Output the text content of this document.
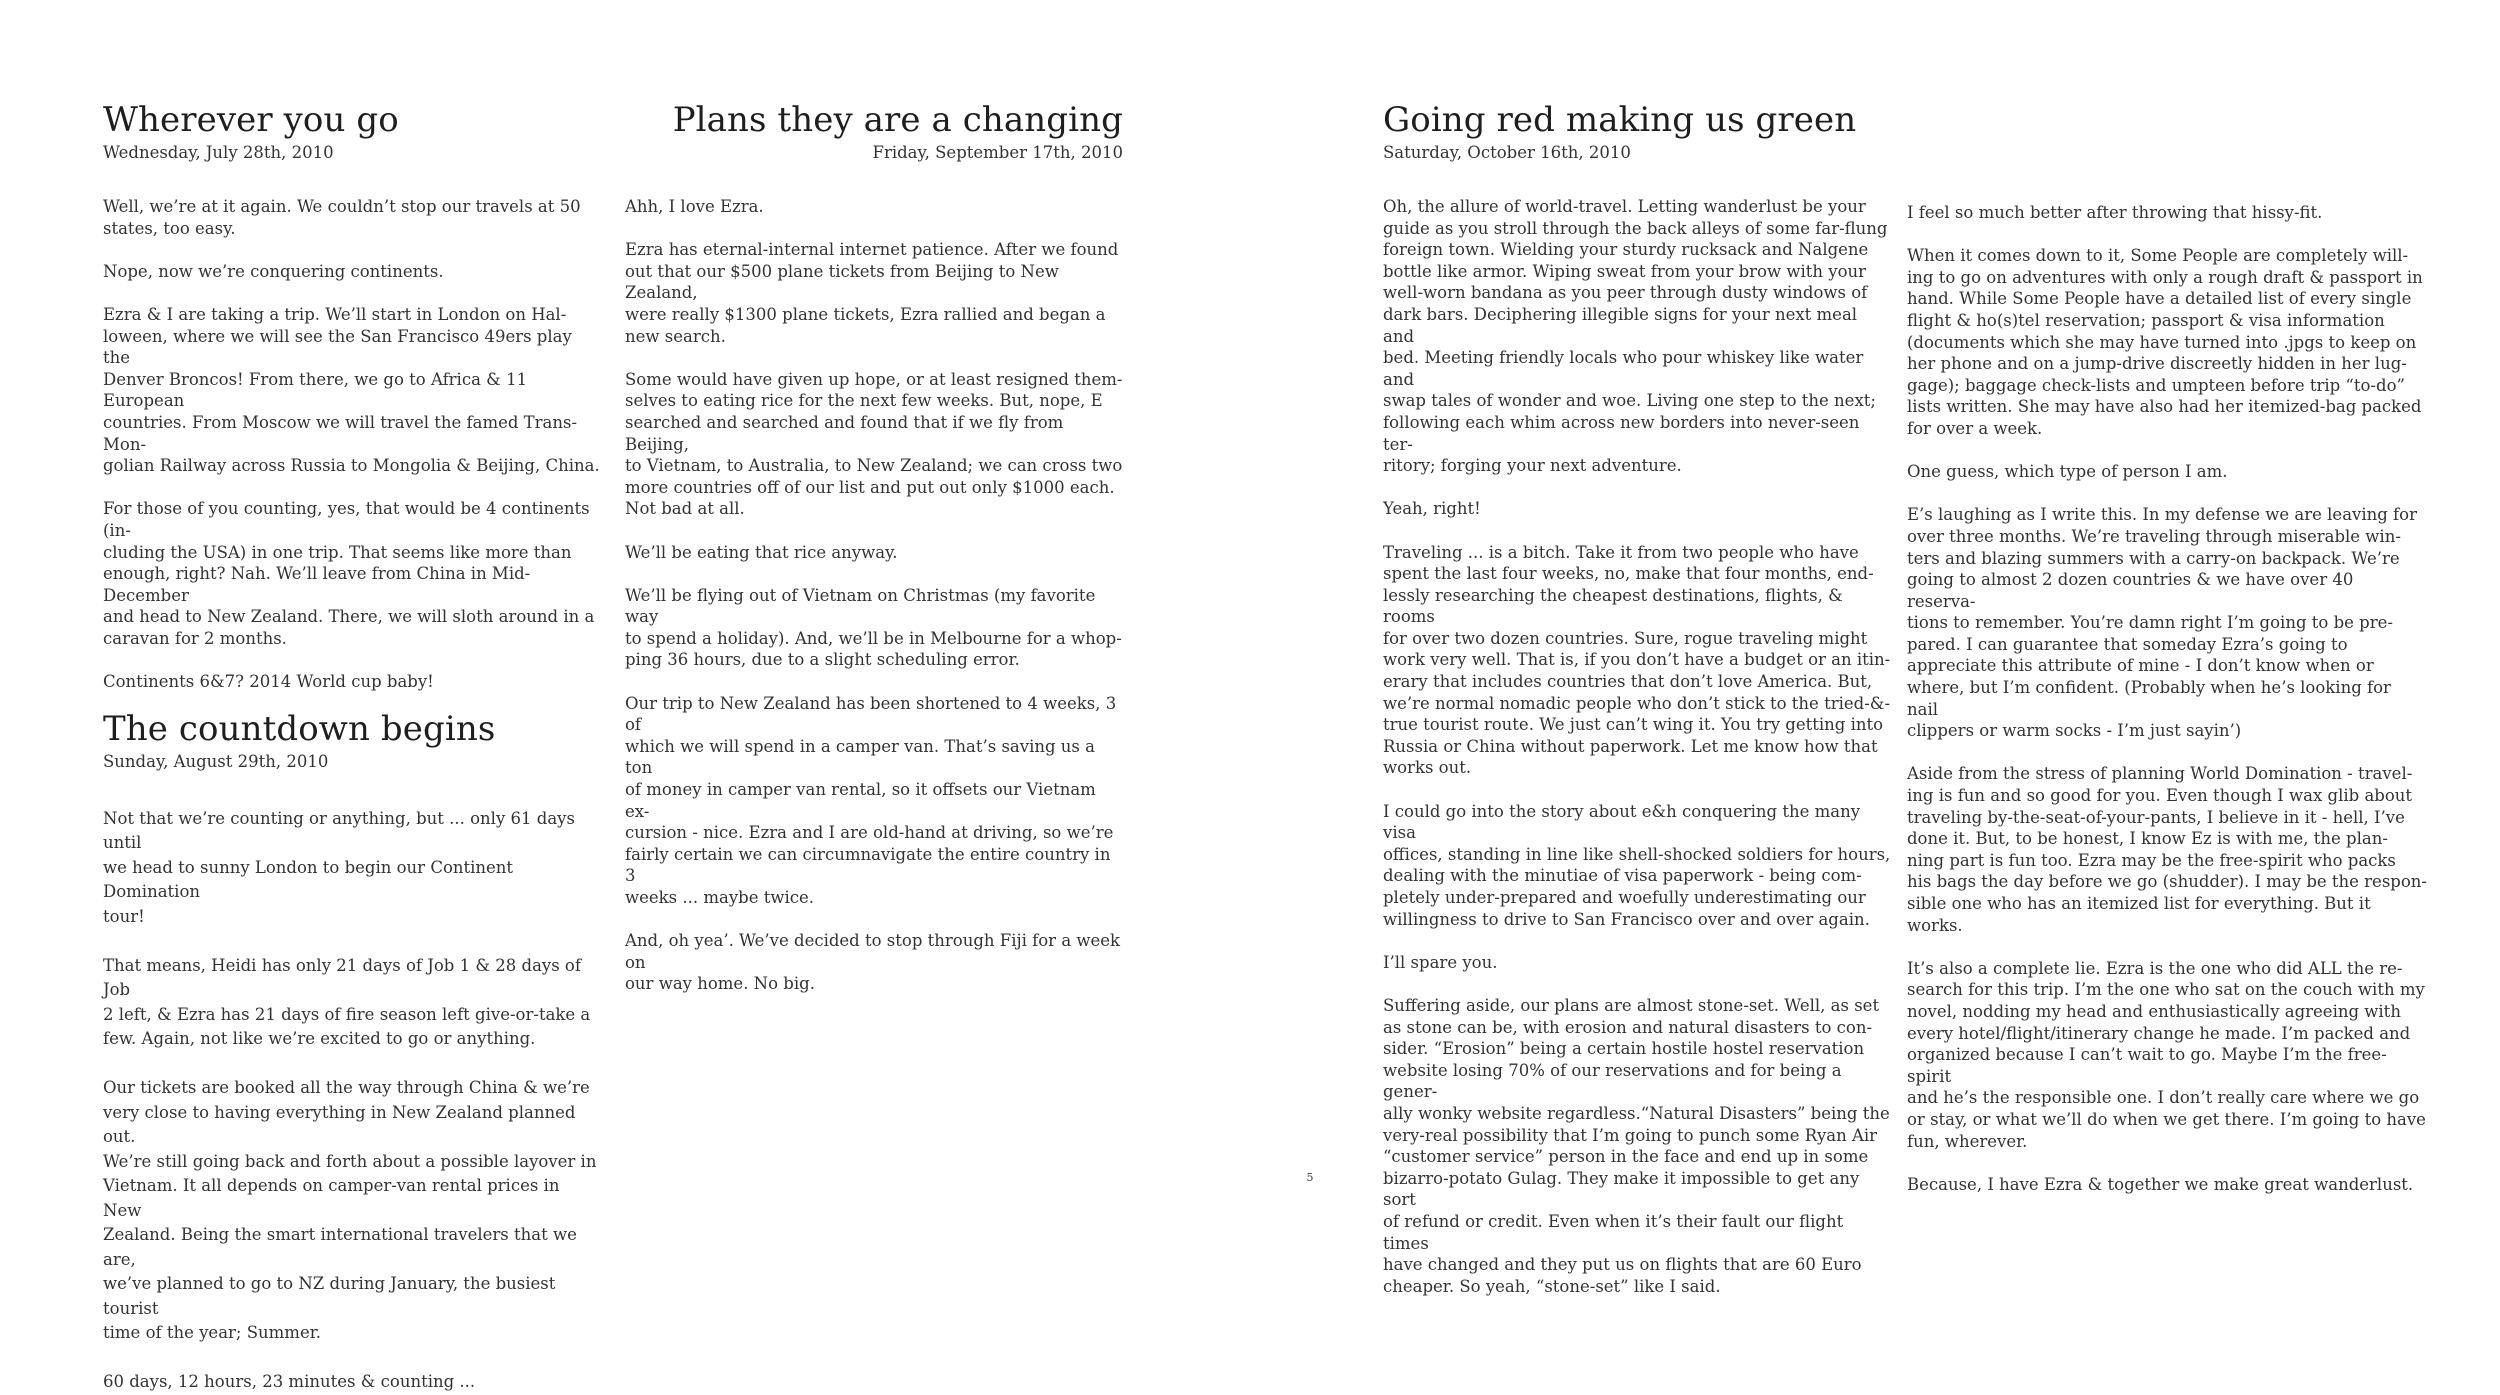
Wherever you go
Wednesday, July 28th, 2010

Well, we’re at it again. We couldn’t stop our travels at 50
states, too easy.

Nope, now we’re conquering continents.

Ezra & I are taking a trip. We’ll start in London on Hal-
loween, where we will see the San Francisco 49ers play the
Denver Broncos! From there, we go to Africa & 11 European
countries. From Moscow we will travel the famed Trans-Mon-
golian Railway across Russia to Mongolia & Beijing, China.

For those of you counting, yes, that would be 4 continents (in-
cluding the USA) in one trip. That seems like more than
enough, right? Nah. We’ll leave from China in Mid-December
and head to New Zealand. There, we will sloth around in a
caravan for 2 months.

Continents 6&7? 2014 World cup baby!

The countdown begins
Sunday, August 29th, 2010

Not that we’re counting or anything, but ... only 61 days until
we head to sunny London to begin our Continent Domination
tour!

That means, Heidi has only 21 days of Job 1 & 28 days of Job
2 left, & Ezra has 21 days of fire season left give-or-take a
few. Again, not like we’re excited to go or anything.

Our tickets are booked all the way through China & we’re
very close to having everything in New Zealand planned out.
We’re still going back and forth about a possible layover in
Vietnam. It all depends on camper-van rental prices in New
Zealand. Being the smart international travelers that we are,
we’ve planned to go to NZ during January, the busiest tourist
time of the year; Summer.

60 days, 12 hours, 23 minutes & counting ...

Plans they are a changing
Friday, September 17th, 2010

Ahh, I love Ezra.

Ezra has eternal-internal internet patience. After we found
out that our $500 plane tickets from Beijing to New Zealand,
were really $1300 plane tickets, Ezra rallied and began a
new search.

Some would have given up hope, or at least resigned them-
selves to eating rice for the next few weeks. But, nope, E
searched and searched and found that if we fly from Beijing,
to Vietnam, to Australia, to New Zealand; we can cross two
more countries off of our list and put out only $1000 each.
Not bad at all.

We’ll be eating that rice anyway.

We’ll be flying out of Vietnam on Christmas (my favorite way
to spend a holiday). And, we’ll be in Melbourne for a whop-
ping 36 hours, due to a slight scheduling error.

Our trip to New Zealand has been shortened to 4 weeks, 3 of
which we will spend in a camper van. That’s saving us a ton
of money in camper van rental, so it offsets our Vietnam ex-
cursion - nice. Ezra and I are old-hand at driving, so we’re
fairly certain we can circumnavigate the entire country in 3
weeks ... maybe twice.

And, oh yea’. We’ve decided to stop through Fiji for a week on
our way home. No big.

Going red making us green
Saturday, October 16th, 2010

Oh, the allure of world-travel. Letting wanderlust be your
guide as you stroll through the back alleys of some far-flung
foreign town. Wielding your sturdy rucksack and Nalgene
bottle like armor. Wiping sweat from your brow with your
well-worn bandana as you peer through dusty windows of
dark bars. Deciphering illegible signs for your next meal and
bed. Meeting friendly locals who pour whiskey like water and
swap tales of wonder and woe. Living one step to the next;
following each whim across new borders into never-seen ter-
ritory; forging your next adventure.

Yeah, right!

Traveling ... is a bitch. Take it from two people who have
spent the last four weeks, no, make that four months, end-
lessly researching the cheapest destinations, flights, & rooms
for over two dozen countries. Sure, rogue traveling might
work very well. That is, if you don’t have a budget or an itin-
erary that includes countries that don’t love America. But,
we’re normal nomadic people who don’t stick to the tried-&-
true tourist route. We just can’t wing it. You try getting into
Russia or China without paperwork. Let me know how that
works out.

I could go into the story about e&h conquering the many visa
offices, standing in line like shell-shocked soldiers for hours,
dealing with the minutiae of visa paperwork - being com-
pletely under-prepared and woefully underestimating our
willingness to drive to San Francisco over and over again.

I’ll spare you.

Suffering aside, our plans are almost stone-set. Well, as set
as stone can be, with erosion and natural disasters to con-
sider. “Erosion” being a certain hostile hostel reservation
website losing 70% of our reservations and for being a gener-
ally wonky website regardless.“Natural Disasters” being the
very-real possibility that I’m going to punch some Ryan Air
“customer service” person in the face and end up in some
bizarro-potato Gulag. They make it impossible to get any sort
of refund or credit. Even when it’s their fault our flight times
have changed and they put us on flights that are 60 Euro
cheaper. So yeah, “stone-set” like I said.

I feel so much better after throwing that hissy-fit.

When it comes down to it, Some People are completely will-
ing to go on adventures with only a rough draft & passport in
hand. While Some People have a detailed list of every single
flight & ho(s)tel reservation; passport & visa information
(documents which she may have turned into .jpgs to keep on
her phone and on a jump-drive discreetly hidden in her lug-
gage); baggage check-lists and umpteen before trip “to-do”
lists written. She may have also had her itemized-bag packed
for over a week.

One guess, which type of person I am.

E’s laughing as I write this. In my defense we are leaving for
over three months. We’re traveling through miserable win-
ters and blazing summers with a carry-on backpack. We’re
going to almost 2 dozen countries & we have over 40 reserva-
tions to remember. You’re damn right I’m going to be pre-
pared. I can guarantee that someday Ezra’s going to
appreciate this attribute of mine - I don’t know when or
where, but I’m confident. (Probably when he’s looking for nail
clippers or warm socks - I’m just sayin’)

Aside from the stress of planning World Domination - travel-
ing is fun and so good for you. Even though I wax glib about
traveling by-the-seat-of-your-pants, I believe in it - hell, I’ve
done it. But, to be honest, I know Ez is with me, the plan-
ning part is fun too. Ezra may be the free-spirit who packs
his bags the day before we go (shudder). I may be the respon-
sible one who has an itemized list for everything. But it
works.

It’s also a complete lie. Ezra is the one who did ALL the re-
search for this trip. I’m the one who sat on the couch with my
novel, nodding my head and enthusiastically agreeing with
every hotel/flight/itinerary change he made. I’m packed and
organized because I can’t wait to go. Maybe I’m the free-spirit
and he’s the responsible one. I don’t really care where we go
or stay, or what we’ll do when we get there. I’m going to have
fun, wherever.

Because, I have Ezra & together we make great wanderlust.

5
